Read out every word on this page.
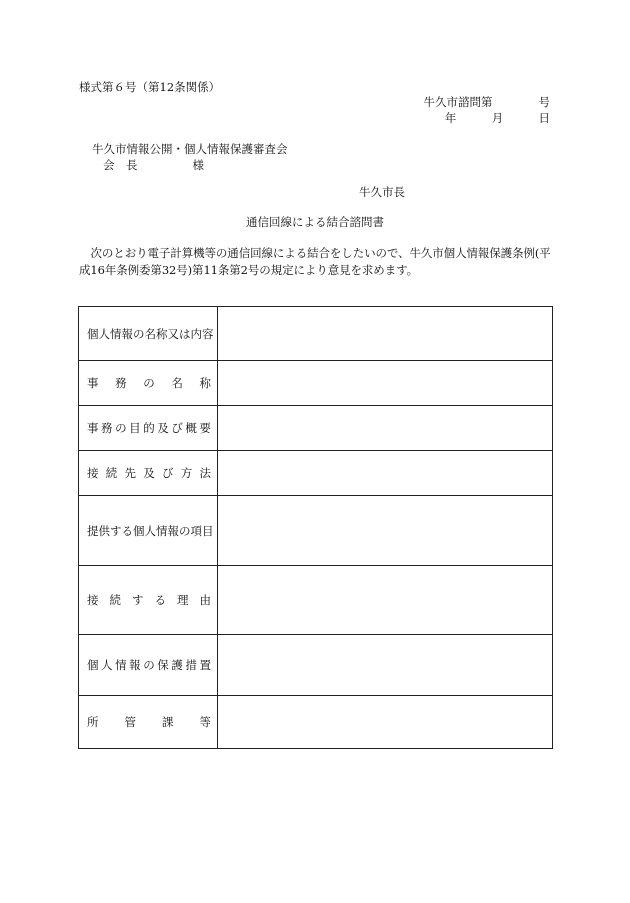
様式第６号（第12条関係）
牛久市諮問第　　　　号
年	月	日
牛久市情報公開・個人情報保護審査会
会　長	様
牛久市長
通信回線による結合諮問書
次のとおり電子計算機等の通信回線による結合をしたいので、牛久市個人情報保護条例(平成16年条例委第32号)第11条第2号の規定により意見を求めます。
個人情報の名称又は内容	
事務の名称	
事務の目的及び概要	
接続先及び方法	
提供する個人情報の項目	
接続する理由	
個人情報の保護措置	
所管課等	
